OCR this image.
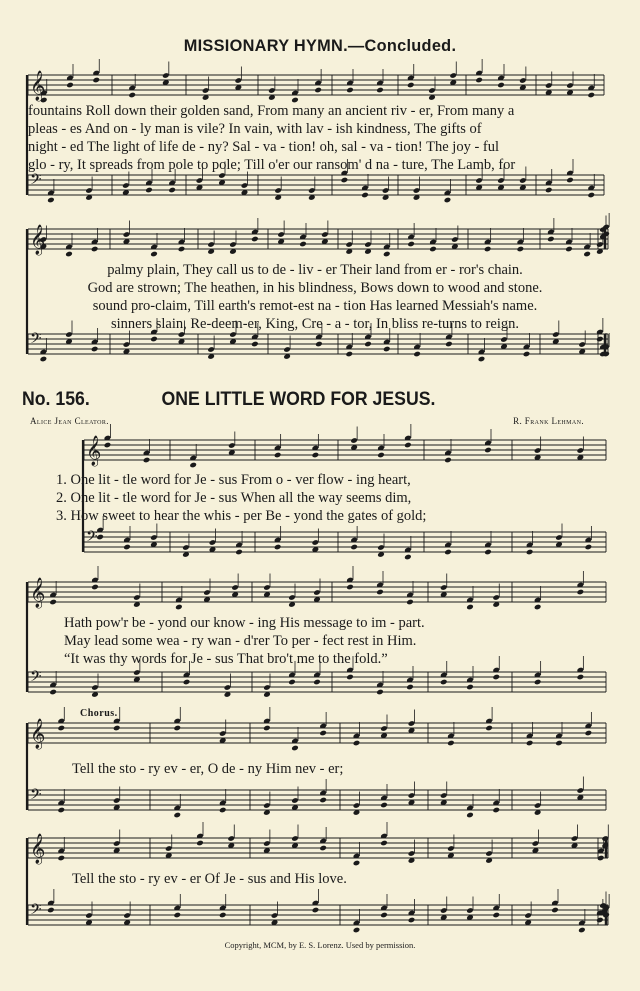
MISSIONARY HYMN.—Concluded.
𝄞
𝄢
𝄞
𝄢
𝄞
𝄢
𝄞
𝄢
𝄞
𝄢
𝄞
𝄢
fountains Roll down their golden sand, From many an ancient riv - er, From many a
pleas - es And on - ly man is vile? In vain, with lav - ish kindness, The gifts of
night - ed The light of life de - ny? Sal - va - tion! oh, sal - va - tion! The joy - ful
glo - ry, It spreads from pole to pole; Till o'er our ransom' d na - ture, The Lamb, for
palmy plain, They call us to de - liv - er Their land from er - ror's chain.
God are strown; The heathen, in his blindness, Bows down to wood and stone.
sound pro-claim, Till earth's remot-est na - tion Has learned Messiah's name.
sinners slain, Re-deem-er, King, Cre - a - tor, In bliss re-turns to reign.
No. 156.	ONE LITTLE WORD FOR JESUS.
Alice Jean Cleator.	R. Frank Lehman.
1. One lit - tle word for Je - sus From o - ver flow - ing heart,
2. One lit - tle word for Je - sus When all the way seems dim,
3. How sweet to hear the whis - per Be - yond the gates of gold;
Hath pow'r be - yond our know - ing His message to im - part.
May lead some wea - ry wan - d'rer To per - fect rest in Him.
“It was thy words for Je - sus That bro't me to the fold.”
Chorus.
Tell the sto - ry ev - er, O de - ny Him nev - er;
Tell the sto - ry ev - er Of Je - sus and His love.
Copyright, MCM, by E. S. Lorenz. Used by permission.
